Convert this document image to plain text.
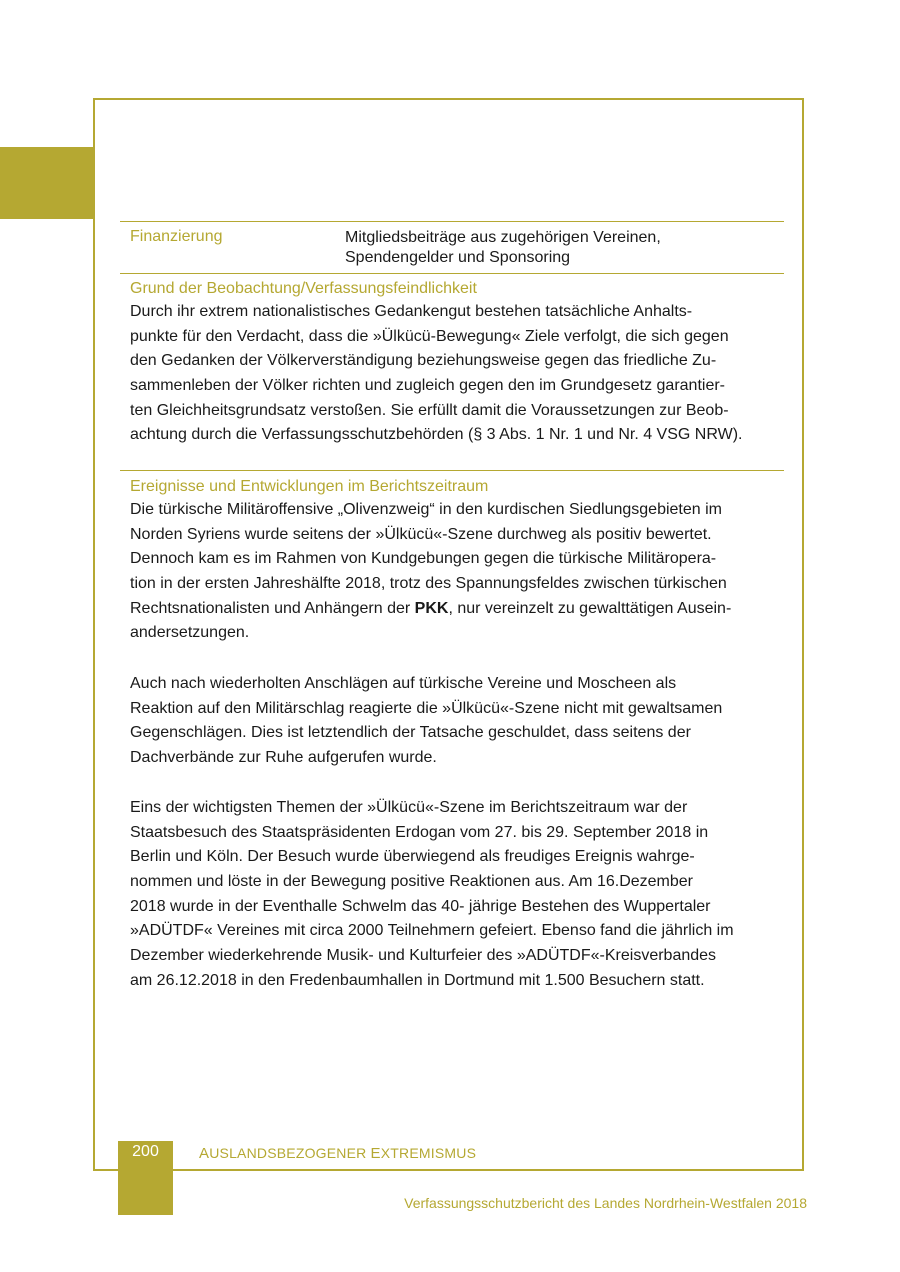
Finanzierung	Mitgliedsbeiträge aus zugehörigen Vereinen,
Spendengelder und Sponsoring
Grund der Beobachtung/Verfassungsfeindlichkeit
Durch ihr extrem nationalistisches Gedankengut bestehen tatsächliche Anhalts-
punkte für den Verdacht, dass die »Ülkücü-Bewegung« Ziele verfolgt, die sich gegen
den Gedanken der Völkerverständigung beziehungsweise gegen das friedliche Zu-
sammenleben der Völker richten und zugleich gegen den im Grundgesetz garantier-
ten Gleichheitsgrundsatz verstoßen. Sie erfüllt damit die Voraussetzungen zur Beob-
achtung durch die Verfassungsschutzbehörden (§ 3 Abs. 1 Nr. 1 und Nr. 4 VSG NRW).
Ereignisse und Entwicklungen im Berichtszeitraum
Die türkische Militäroffensive „Olivenzweig“ in den kurdischen Siedlungsgebieten im
Norden Syriens wurde seitens der »Ülkücü«-Szene durchweg als positiv bewertet.
Dennoch kam es im Rahmen von Kundgebungen gegen die türkische Militäropera-
tion in der ersten Jahreshälfte 2018, trotz des Spannungsfeldes zwischen türkischen
Rechtsnationalisten und Anhängern der PKK, nur vereinzelt zu gewalttätigen Ausein-
andersetzungen.
Auch nach wiederholten Anschlägen auf türkische Vereine und Moscheen als
Reaktion auf den Militärschlag reagierte die »Ülkücü«-Szene nicht mit gewaltsamen
Gegenschlägen. Dies ist letztendlich der Tatsache geschuldet, dass seitens der
Dachverbände zur Ruhe aufgerufen wurde.
Eins der wichtigsten Themen der »Ülkücü«-Szene im Berichtszeitraum war der
Staatsbesuch des Staatspräsidenten Erdogan vom 27. bis 29. September 2018 in
Berlin und Köln. Der Besuch wurde überwiegend als freudiges Ereignis wahrge-
nommen und löste in der Bewegung positive Reaktionen aus. Am 16.Dezember
2018 wurde in der Eventhalle Schwelm das 40- jährige Bestehen des Wuppertaler
»ADÜTDF« Vereines mit circa 2000 Teilnehmern gefeiert. Ebenso fand die jährlich im
Dezember wiederkehrende Musik- und Kulturfeier des »ADÜTDF«-Kreisverbandes
am 26.12.2018 in den Fredenbaumhallen in Dortmund mit 1.500 Besuchern statt.
200	AUSLANDSBEZOGENER EXTREMISMUS
Verfassungsschutzbericht des Landes Nordrhein-Westfalen 2018
